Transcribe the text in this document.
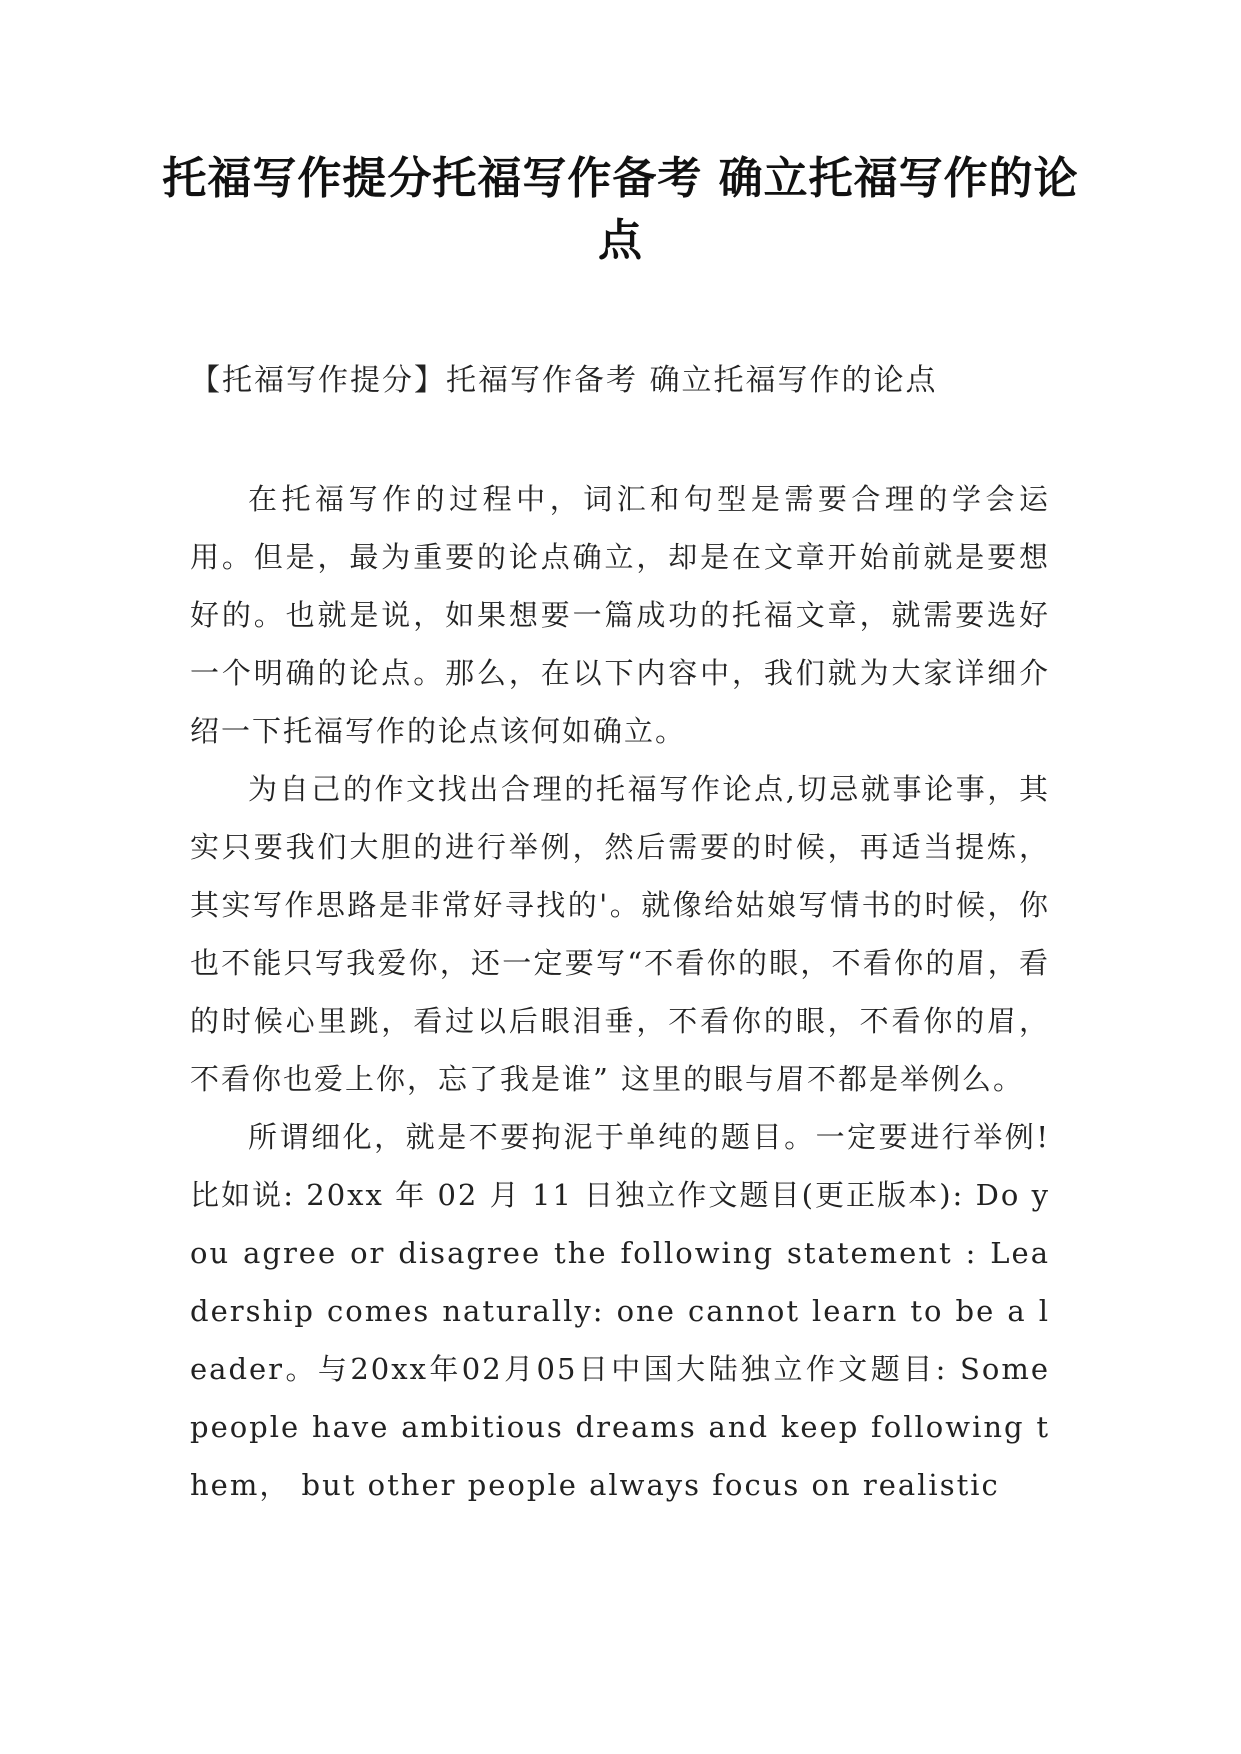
托福写作提分托福写作备考 确立托福写作的论点

【托福写作提分】托福写作备考 确立托福写作的论点

在托福写作的过程中，词汇和句型是需要合理的学会运用。但是，最为重要的论点确立，却是在文章开始前就是要想好的。也就是说，如果想要一篇成功的托福文章，就需要选好一个明确的论点。那么，在以下内容中，我们就为大家详细介绍一下托福写作的论点该何如确立。

为自己的作文找出合理的托福写作论点,切忌就事论事，其实只要我们大胆的进行举例，然后需要的时候，再适当提炼，其实写作思路是非常好寻找的'。就像给姑娘写情书的时候，你也不能只写我爱你，还一定要写“不看你的眼，不看你的眉，看的时候心里跳，看过以后眼泪垂，不看你的眼，不看你的眉，不看你也爱上你，忘了我是谁” 这里的眼与眉不都是举例么。

所谓细化，就是不要拘泥于单纯的题目。一定要进行举例!比如说: 20xx 年 02 月 11 日独立作文题目(更正版本): Do you agree or disagree the following statement : Leadership comes naturally: one cannot learn to be a leader。与20xx年02月05日中国大陆独立作文题目: Some people have ambitious dreams and keep following them， but other people always focus on realistic
